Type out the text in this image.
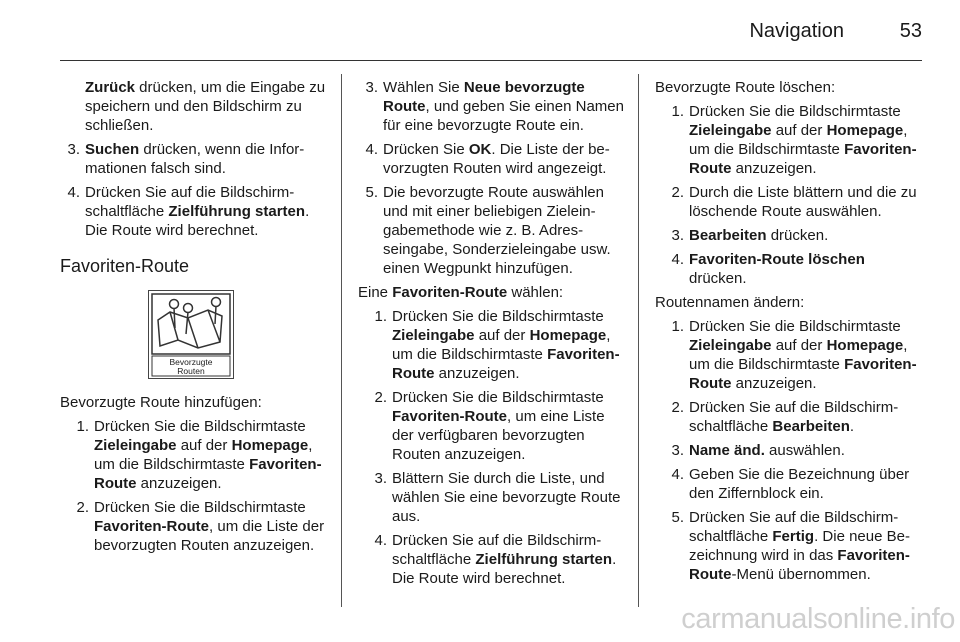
Navigation	53
Zurück drücken, um die Eingabe zu speichern und den Bildschirm zu schließen.
3. Suchen drücken, wenn die Informationen falsch sind.
4. Drücken Sie auf die Bildschirmschaltfläche Zielführung starten. Die Route wird berechnet.
Favoriten-Route
Bevorzugte
Routen

Bevorzugte Route hinzufügen:

1. Drücken Sie die Bildschirmtaste Zieleingabe auf der Homepage, um die Bildschirmtaste Favoriten-Route anzuzeigen.
2. Drücken Sie die Bildschirmtaste Favoriten-Route, um die Liste der bevorzugten Routen anzuzeigen.
3. Wählen Sie Neue bevorzugte Route, und geben Sie einen Namen für eine bevorzugte Route ein.
4. Drücken Sie OK. Die Liste der bevorzugten Routen wird angezeigt.
5. Die bevorzugte Route auswählen und mit einer beliebigen Zieleingabemethode wie z. B. Adresseingabe, Sonderzieleingabe usw. einen Wegpunkt hinzufügen.

Eine Favoriten-Route wählen:

1. Drücken Sie die Bildschirmtaste Zieleingabe auf der Homepage, um die Bildschirmtaste Favoriten-Route anzuzeigen.
2. Drücken Sie die Bildschirmtaste Favoriten-Route, um eine Liste der verfügbaren bevorzugten Routen anzuzeigen.
3. Blättern Sie durch die Liste, und wählen Sie eine bevorzugte Route aus.
4. Drücken Sie auf die Bildschirmschaltfläche Zielführung starten. Die Route wird berechnet.

Bevorzugte Route löschen:

1. Drücken Sie die Bildschirmtaste Zieleingabe auf der Homepage, um die Bildschirmtaste Favoriten-Route anzuzeigen.
2. Durch die Liste blättern und die zu löschende Route auswählen.
3. Bearbeiten drücken.
4. Favoriten-Route löschen drücken.

Routennamen ändern:

1. Drücken Sie die Bildschirmtaste Zieleingabe auf der Homepage, um die Bildschirmtaste Favoriten-Route anzuzeigen.
2. Drücken Sie auf die Bildschirmschaltfläche Bearbeiten.
3. Name änd. auswählen.
4. Geben Sie die Bezeichnung über den Ziffernblock ein.
5. Drücken Sie auf die Bildschirmschaltfläche Fertig. Die neue Bezeichnung wird in das Favoriten-Route-Menü übernommen.
carmanualsonline.info
